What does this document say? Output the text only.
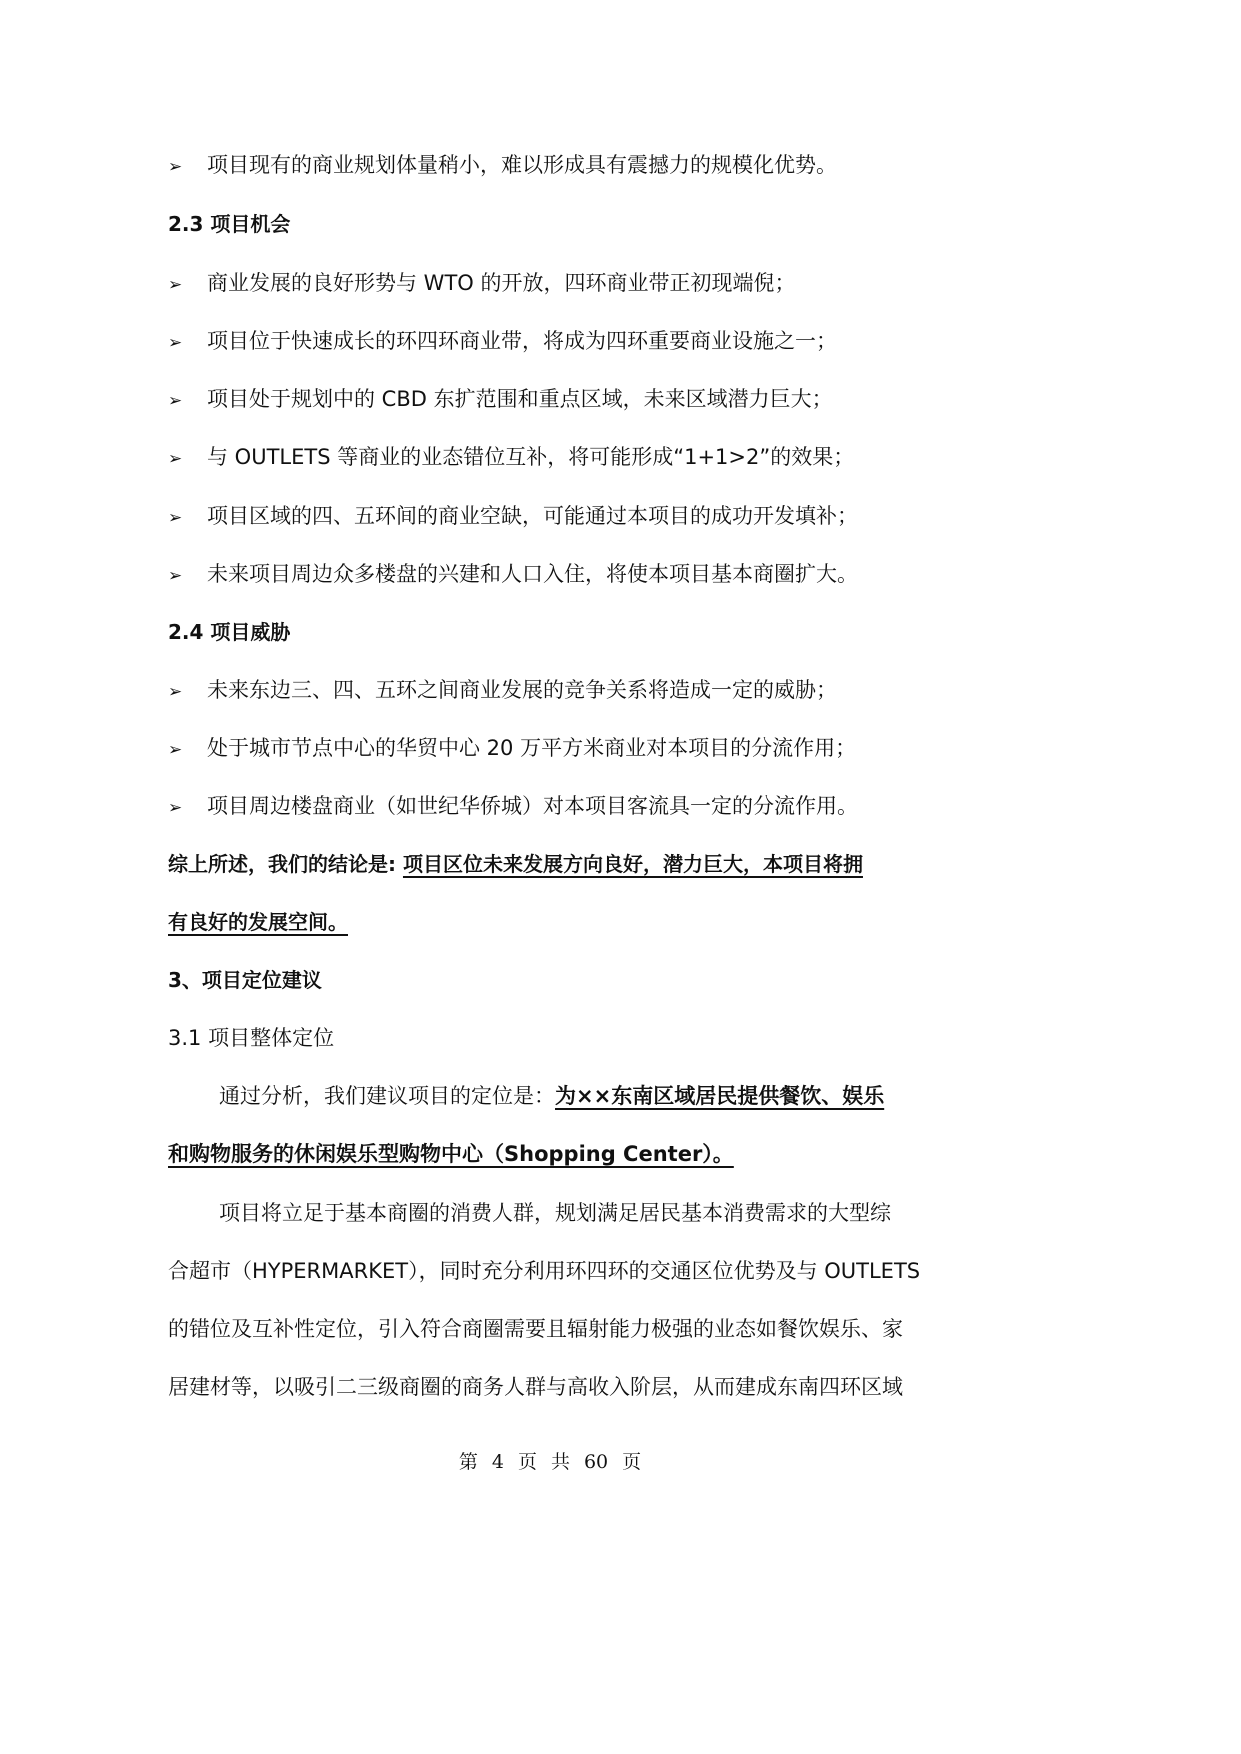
➢ 项目现有的商业规划体量稍小，难以形成具有震撼力的规模化优势。
2.3 项目机会
➢ 商业发展的良好形势与 WTO 的开放，四环商业带正初现端倪；
➢ 项目位于快速成长的环四环商业带，将成为四环重要商业设施之一；
➢ 项目处于规划中的 CBD 东扩范围和重点区域，未来区域潜力巨大；
➢ 与 OUTLETS 等商业的业态错位互补，将可能形成“1+1>2”的效果；
➢ 项目区域的四、五环间的商业空缺，可能通过本项目的成功开发填补；
➢ 未来项目周边众多楼盘的兴建和人口入住，将使本项目基本商圈扩大。
2.4 项目威胁
➢ 未来东边三、四、五环之间商业发展的竞争关系将造成一定的威胁；
➢ 处于城市节点中心的华贸中心 20 万平方米商业对本项目的分流作用；
➢ 项目周边楼盘商业（如世纪华侨城）对本项目客流具一定的分流作用。
综上所述，我们的结论是: 项目区位未来发展方向良好，潜力巨大，本项目将拥
有良好的发展空间。
3、项目定位建议
3.1 项目整体定位
通过分析，我们建议项目的定位是：为××东南区域居民提供餐饮、娱乐
和购物服务的休闲娱乐型购物中心（Shopping Center）。
项目将立足于基本商圈的消费人群，规划满足居民基本消费需求的大型综
合超市（HYPERMARKET），同时充分利用环四环的交通区位优势及与 OUTLETS
的错位及互补性定位，引入符合商圈需要且辐射能力极强的业态如餐饮娱乐、家
居建材等，以吸引二三级商圈的商务人群与高收入阶层，从而建成东南四环区域
第 4 页 共 60 页
